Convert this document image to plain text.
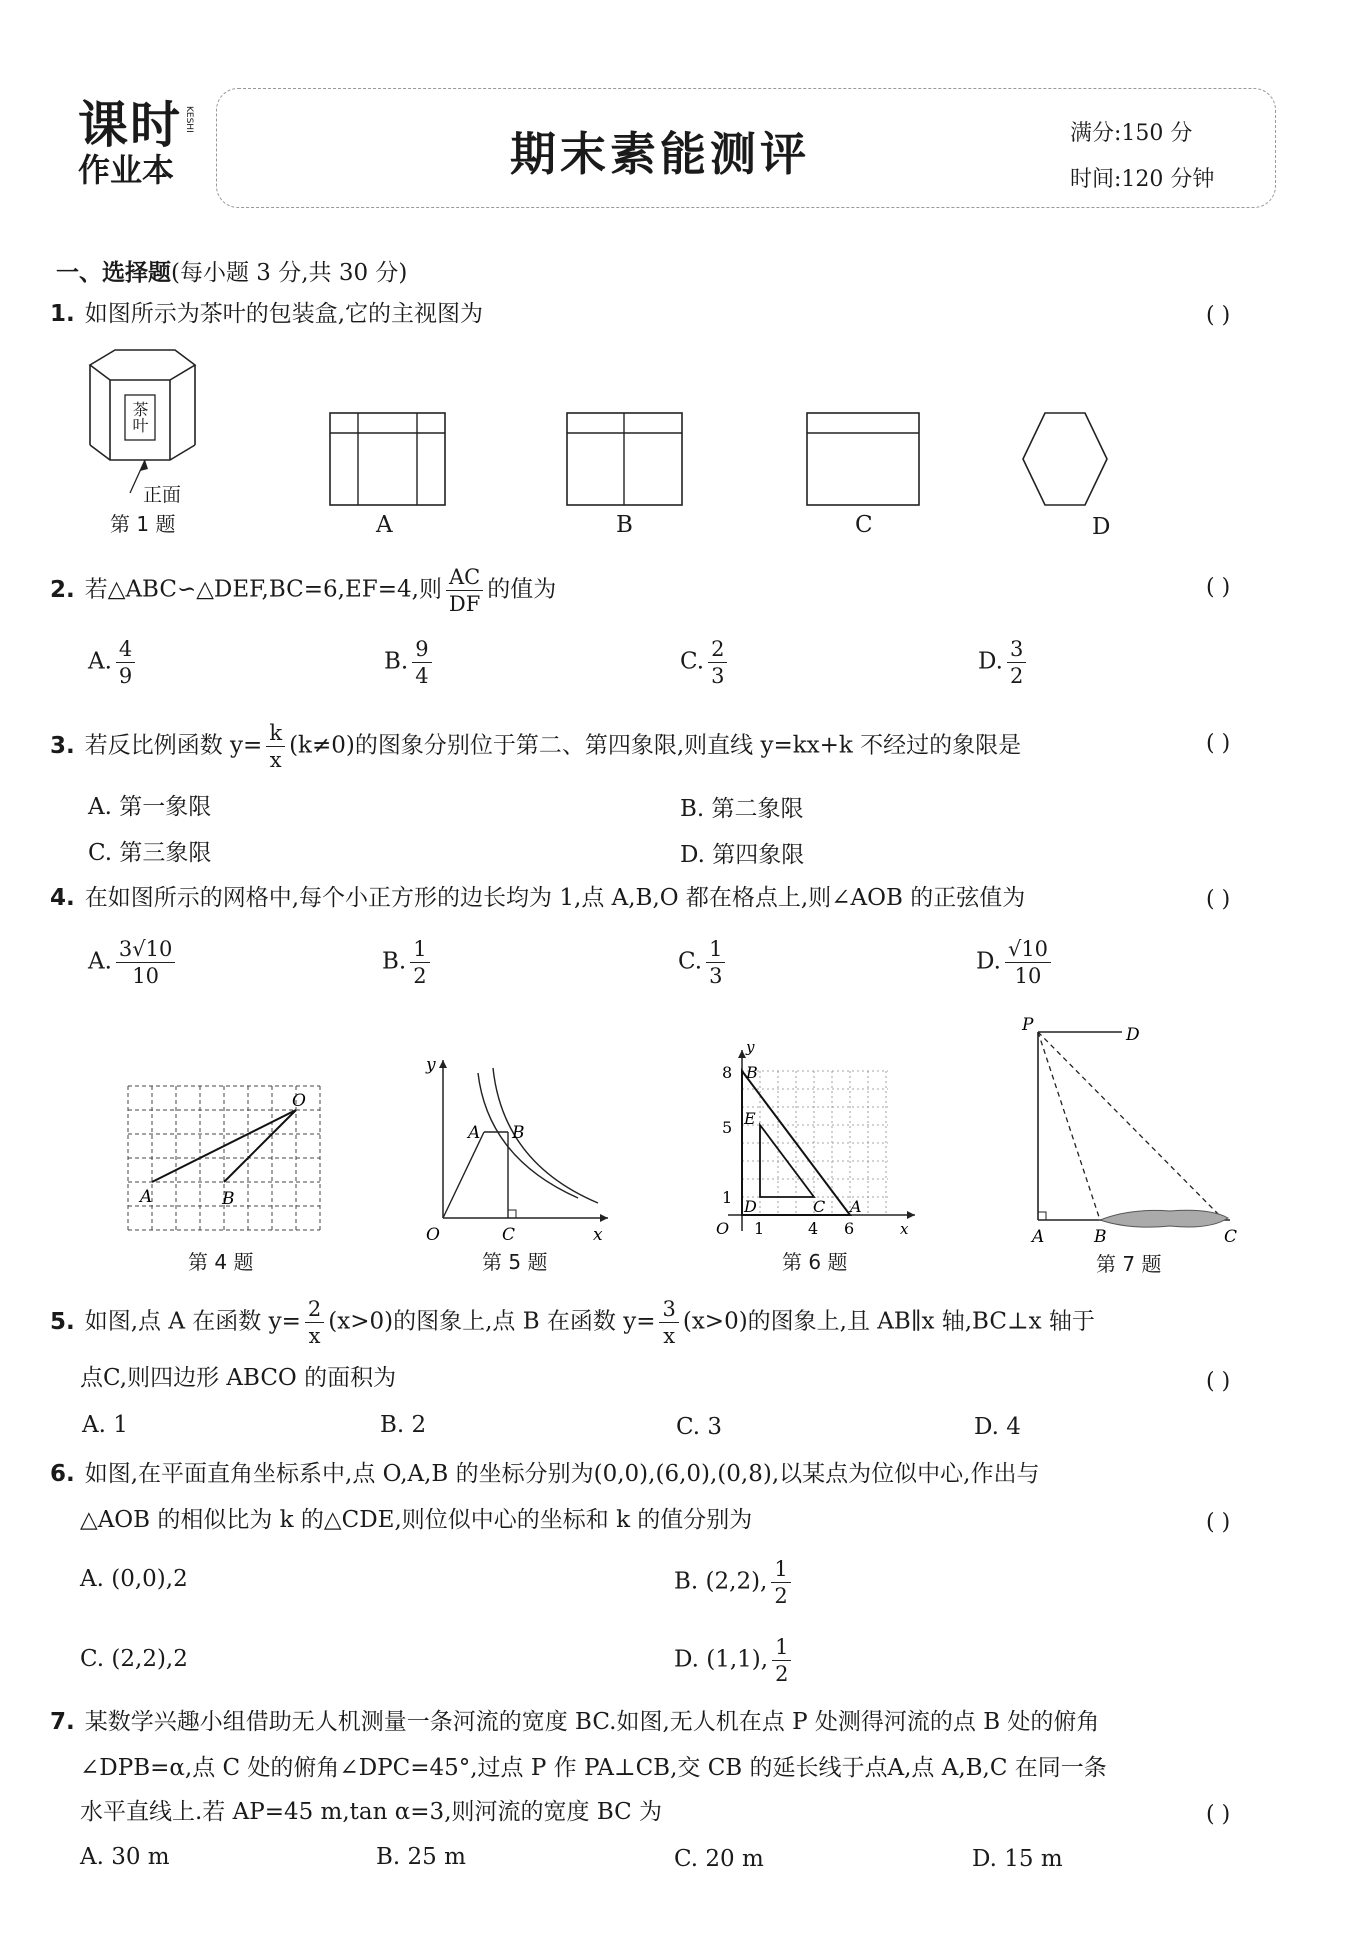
课时
作业本
KESHI
期末素能测评	满分:150 分
时间:120 分钟
一、选择题(每小题 3 分,共 30 分)
1. 如图所示为茶叶的包装盒,它的主视图为	( )
茶叶
正面
第 1 题	A	B	C	D
2. 若△ABC∽△DEF,BC=6,EF=4,则 $\frac{AC}{DF}$ 的值为	( )
A. $\frac{4}{9}$	B. $\frac{9}{4}$	C. $\frac{2}{3}$	D. $\frac{3}{2}$
3. 若反比例函数 $y= \frac{k}{x} (k\ne 0)$的图象分别位于第二、第四象限,则直线 y=kx+k 不经过的象限是	( )
A. 第一象限	B. 第二象限
C. 第三象限	D. 第四象限
4. 在如图所示的网格中,每个小正方形的边长均为 1,点 A,B,O 都在格点上,则∠AOB 的正弦值为	( )
A. $\frac{3√10}{10}$	B. $\frac{1}{2}$	C. $\frac{1}{3}$	D. $\frac{√10}{10}$
O
A	B
第 4 题
y
x
O
A B
C
第 5 题
y
x
O
B
E
D	C A
8
5
1
1	4 6
第 6 题
P	D
A	B	C
第 7 题
5. 如图,点 A 在函数 $y= \frac{2}{x} (x>0)$的图象上,点 B 在函数 $y= \frac{3}{x} (x>0)$的图象上,且 AB∥x 轴,BC⊥x 轴于
点C,则四边形 ABCO 的面积为	( )
A. 1	B. 2	C. 3	D. 4
6. 如图,在平面直角坐标系中,点 O,A,B 的坐标分别为(0,0),(6,0),(0,8),以某点为位似中心,作出与
△AOB 的相似比为 k 的△CDE,则位似中心的坐标和 k 的值分别为	( )
A. (0,0),2	B. (2,2), $\frac{1}{2}$
C. (2,2),2	D. (1,1), $\frac{1}{2}$
7. 某数学兴趣小组借助无人机测量一条河流的宽度 BC.如图,无人机在点 P 处测得河流的点 B 处的俯角
∠DPB=α,点 C 处的俯角∠DPC=45°,过点 P 作 PA⊥CB,交 CB 的延长线于点A,点 A,B,C 在同一条
水平直线上.若 AP=45 m,tan α=3,则河流的宽度 BC 为	( )
A. 30 m	B. 25 m	C. 20 m	D. 15 m
